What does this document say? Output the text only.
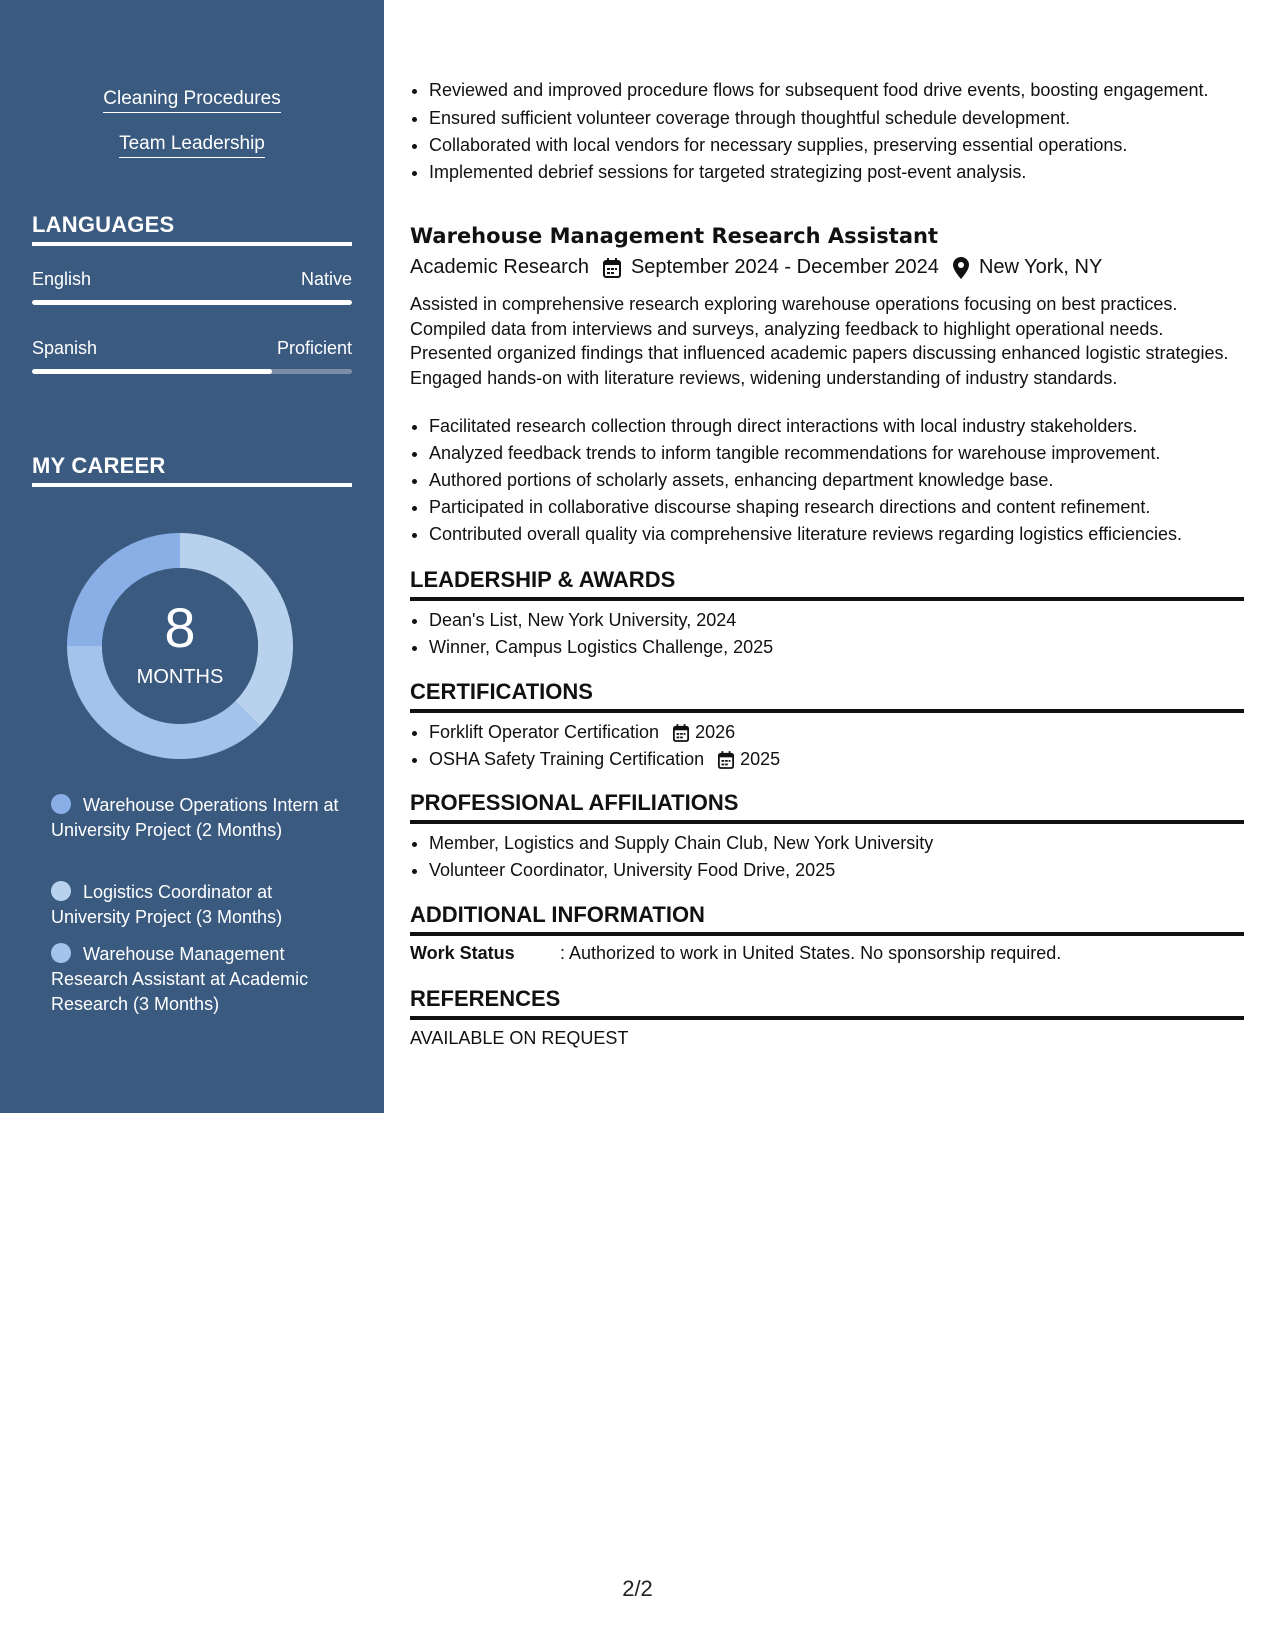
Cleaning Procedures
Team Leadership
LANGUAGES
English	Native
Spanish	Proficient
MY CAREER
8
MONTHS
Warehouse Operations Intern at University Project (2 Months)
Logistics Coordinator at University Project (3 Months)
Warehouse Management Research Assistant at Academic Research (3 Months)
• Reviewed and improved procedure flows for subsequent food drive events, boosting engagement.
• Ensured sufficient volunteer coverage through thoughtful schedule development.
• Collaborated with local vendors for necessary supplies, preserving essential operations.
• Implemented debrief sessions for targeted strategizing post-event analysis.
Warehouse Management Research Assistant
Academic Research September 2024 - December 2024 New York, NY

Assisted in comprehensive research exploring warehouse operations focusing on best practices. Compiled data from interviews and surveys, analyzing feedback to highlight operational needs. Presented organized findings that influenced academic papers discussing enhanced logistic strategies. Engaged hands-on with literature reviews, widening understanding of industry standards.

• Facilitated research collection through direct interactions with local industry stakeholders.
• Analyzed feedback trends to inform tangible recommendations for warehouse improvement.
• Authored portions of scholarly assets, enhancing department knowledge base.
• Participated in collaborative discourse shaping research directions and content refinement.
• Contributed overall quality via comprehensive literature reviews regarding logistics efficiencies.
LEADERSHIP & AWARDS
• Dean's List, New York University, 2024
• Winner, Campus Logistics Challenge, 2025
CERTIFICATIONS
• Forklift Operator Certification 2026
• OSHA Safety Training Certification 2025
PROFESSIONAL AFFILIATIONS
• Member, Logistics and Supply Chain Club, New York University
• Volunteer Coordinator, University Food Drive, 2025
ADDITIONAL INFORMATION
Work Status	: Authorized to work in United States. No sponsorship required.
REFERENCES
AVAILABLE ON REQUEST
2/2
